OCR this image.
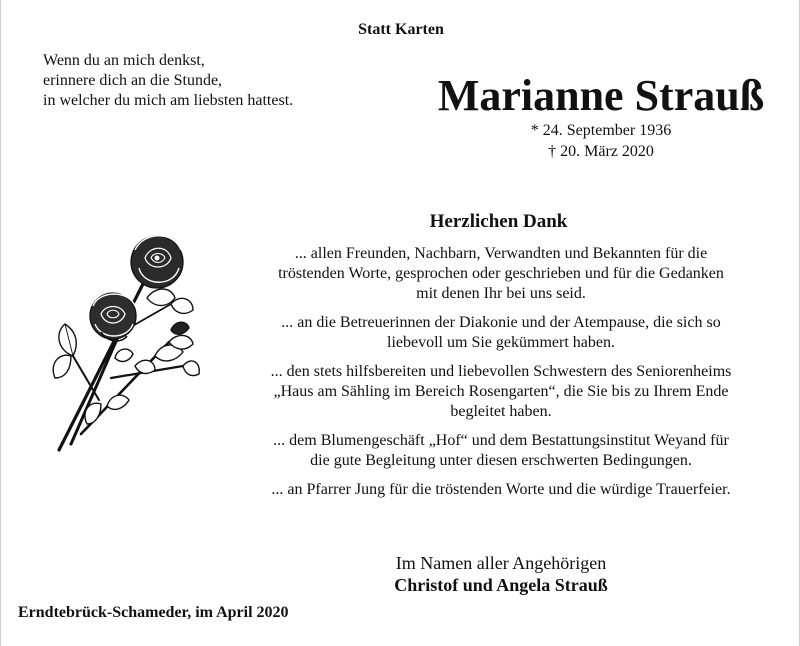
Statt Karten
Wenn du an mich denkst,
erinnere dich an die Stunde,
in welcher du mich am liebsten hattest.	Marianne Strauß
* 24. September 1936
† 20. März 2020
Herzlichen Dank
... allen Freunden, Nachbarn, Verwandten und Bekannten für die
tröstenden Worte, gesprochen oder geschrieben und für die Gedanken
mit denen Ihr bei uns seid.
... an die Betreuerinnen der Diakonie und der Atempause, die sich so
liebevoll um Sie gekümmert haben.
... den stets hilfsbereiten und liebevollen Schwestern des Seniorenheims
„Haus am Sähling im Bereich Rosengarten“, die Sie bis zu Ihrem Ende
begleitet haben.
... dem Blumengeschäft „Hof“ und dem Bestattungsinstitut Weyand für
die gute Begleitung unter diesen erschwerten Bedingungen.
... an Pfarrer Jung für die tröstenden Worte und die würdige Trauerfeier.
Im Namen aller Angehörigen
Christof und Angela Strauß
Erndtebrück-Schameder, im April 2020
